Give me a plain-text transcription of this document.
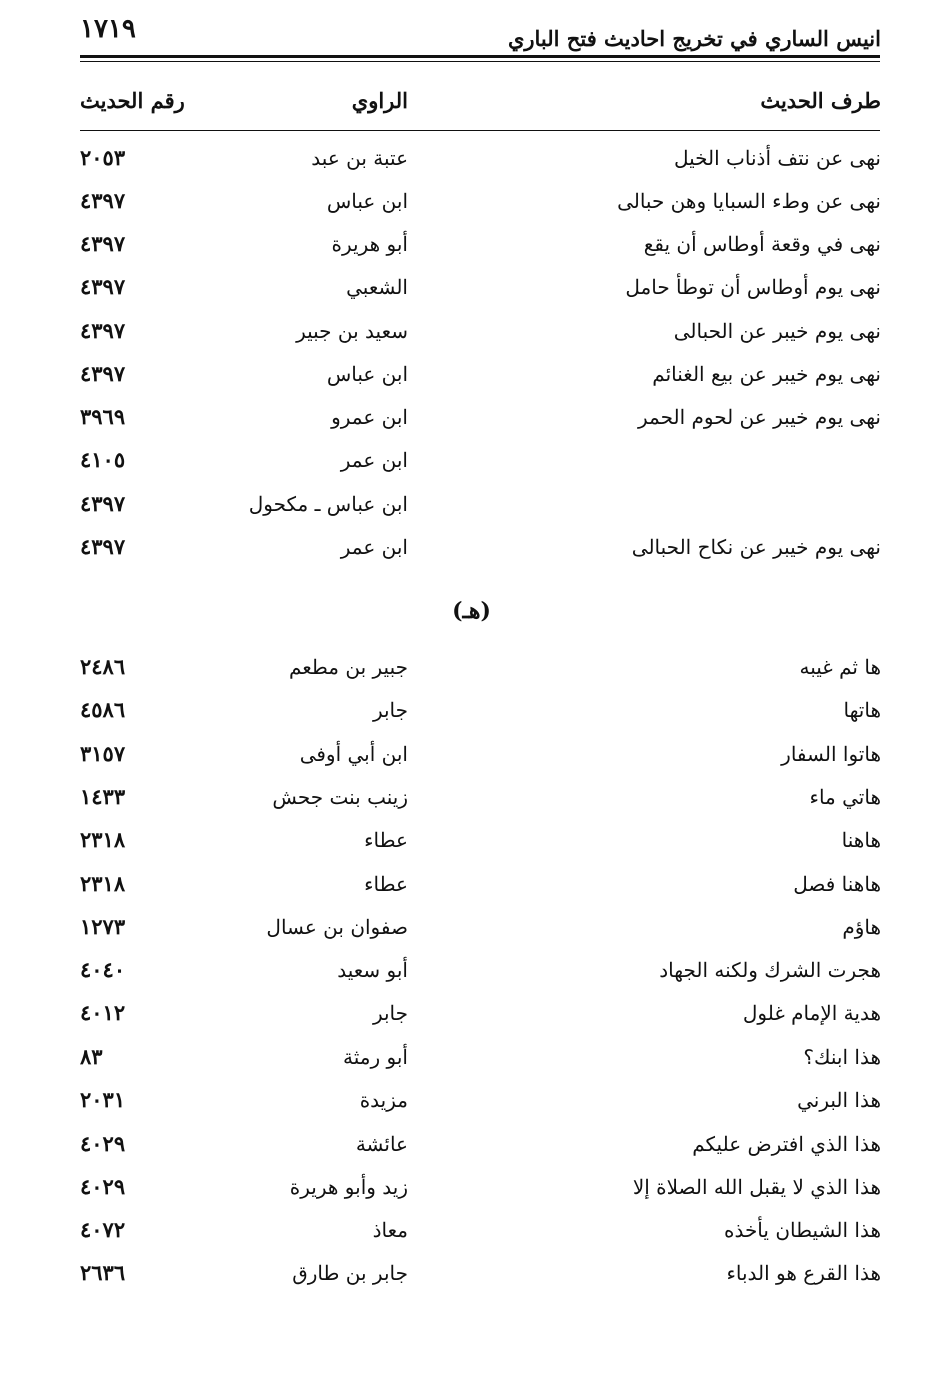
١٧١٩	انيس الساري في تخريج احاديث فتح الباري
طرف الحديث
الراوي
رقم الحديث
نهى عن نتف أذناب الخيل
عتبة بن عبد
٢٠٥٣
نهى عن وطء السبايا وهن حبالى
ابن عباس
٤٣٩٧
نهى في وقعة أوطاس أن يقع
أبو هريرة
٤٣٩٧
نهى يوم أوطاس أن توطأ حامل
الشعبي
٤٣٩٧
نهى يوم خيبر عن الحبالى
سعيد بن جبير
٤٣٩٧
نهى يوم خيبر عن بيع الغنائم
ابن عباس
٤٣٩٧
نهى يوم خيبر عن لحوم الحمر
ابن عمرو
٣٩٦٩
ابن عمر
٤١٠٥
ابن عباس ـ مكحول
٤٣٩٧
نهى يوم خيبر عن نكاح الحبالى
ابن عمر
٤٣٩٧
(هـ)
ها ثم غيبه
جبير بن مطعم
٢٤٨٦
هاتها
جابر
٤٥٨٦
هاتوا السفار
ابن أبي أوفى
٣١٥٧
هاتي ماء
زينب بنت جحش
١٤٣٣
هاهنا
عطاء
٢٣١٨
هاهنا فصل
عطاء
٢٣١٨
هاؤم
صفوان بن عسال
١٢٧٣
هجرت الشرك ولكنه الجهاد
أبو سعيد
٤٠٤٠
هدية الإمام غلول
جابر
٤٠١٢
هذا ابنك؟
أبو رمثة
٨٣
هذا البرني
مزيدة
٢٠٣١
هذا الذي افترض عليكم
عائشة
٤٠٢٩
هذا الذي لا يقبل الله الصلاة إلا
زيد وأبو هريرة
٤٠٢٩
هذا الشيطان يأخذه
معاذ
٤٠٧٢
هذا القرع هو الدباء
جابر بن طارق
٢٦٣٦
